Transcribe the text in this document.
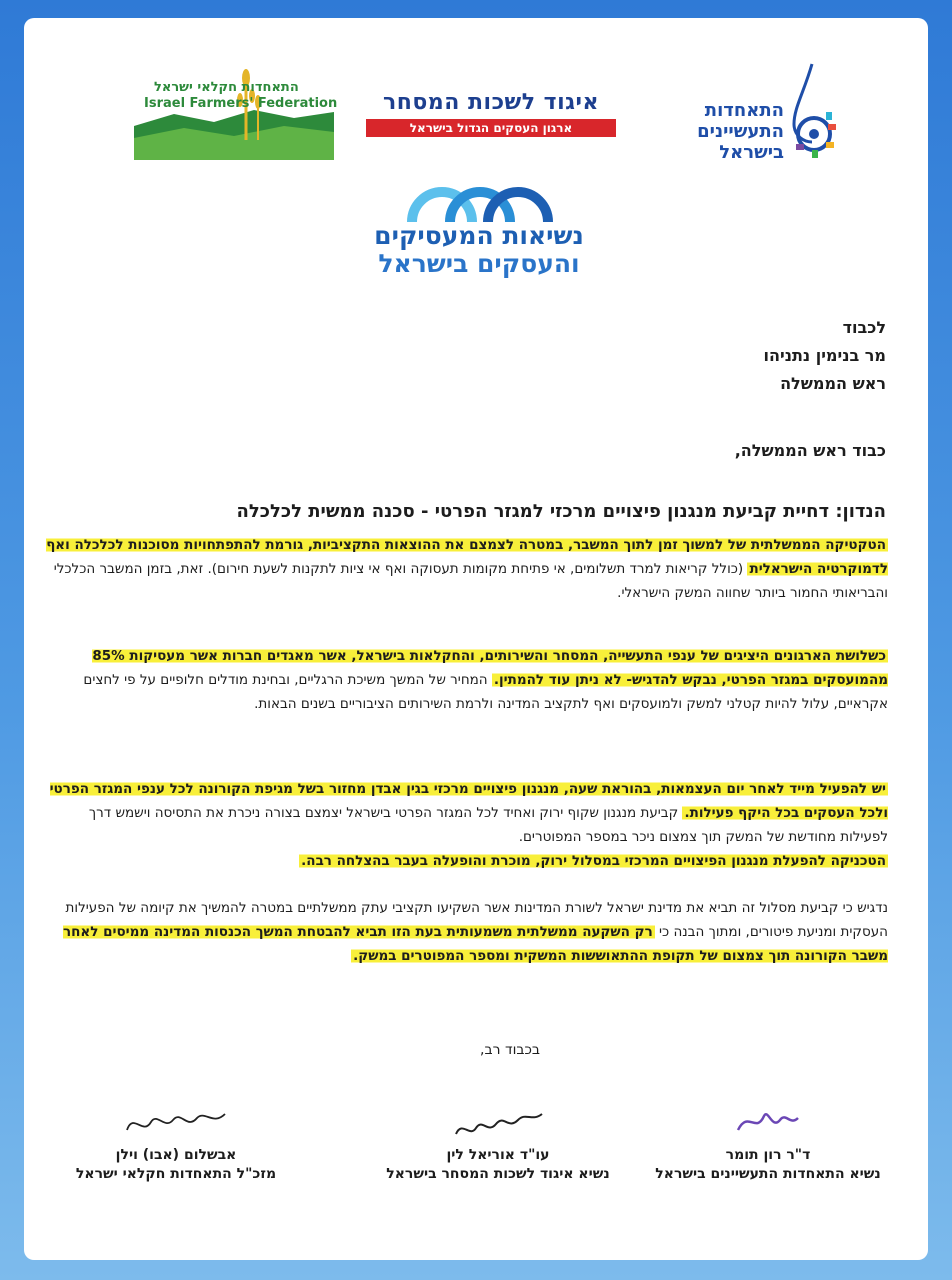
התאחדות חקלאי ישראל
Israel Farmers' Federation	איגוד לשכות המסחר
ארגון העסקים הגדול בישראל
התאחדות
התעשיינים
בישראל
נשיאות המעסיקים
והעסקים בישראל
לכבוד
מר בנימין נתניהו
ראש הממשלה
כבוד ראש הממשלה,
הנדון: דחיית קביעת מנגנון פיצויים מרכזי למגזר הפרטי - סכנה ממשית לכלכלה
הטקטיקה הממשלתית של למשוך זמן לתוך המשבר, במטרה לצמצם את ההוצאות התקציביות, גורמת להתפתחויות מסוכנות לכלכלה ואף לדמוקרטיה הישראלית (כולל קריאות למרד תשלומים, אי פתיחת מקומות תעסוקה ואף אי ציות לתקנות לשעת חירום). זאת, בזמן המשבר הכלכלי והבריאותי החמור ביותר שחווה המשק הישראלי.
כשלושת הארגונים היציגים של ענפי התעשייה, המסחר והשירותים, והחקלאות בישראל, אשר מאגדים חברות אשר מעסיקות 85% מהמועסקים במגזר הפרטי, נבקש להדגיש- לא ניתן עוד להמתין. המחיר של המשך משיכת הרגליים, ובחינת מודלים חלופיים על פי לחצים אקראיים, עלול להיות קטלני למשק ולמועסקים ואף לתקציב המדינה ולרמת השירותים הציבוריים בשנים הבאות.
יש להפעיל מייד לאחר יום העצמאות, בהוראת שעה, מנגנון פיצויים מרכזי בגין אבדן מחזור בשל מגיפת הקורונה לכל ענפי המגזר הפרטי ולכל העסקים בכל היקף פעילות. קביעת מנגנון שקוף ירוק ואחיד לכל המגזר הפרטי בישראל יצמצם בצורה ניכרת את התסיסה וישמש דרך לפעילות מחודשת של המשק תוך צמצום ניכר במספר המפוטרים.
הטכניקה להפעלת מנגנון הפיצויים המרכזי במסלול ירוק, מוכרת והופעלה בעבר בהצלחה רבה.
נדגיש כי קביעת מסלול זה תביא את מדינת ישראל לשורת המדינות אשר השקיעו תקציבי עתק ממשלתיים במטרה להמשיך את קיומה של הפעילות העסקית ומניעת פיטורים, ומתוך הבנה כי רק השקעה ממשלתית משמעותית בעת הזו תביא להבטחת המשך הכנסות המדינה ממיסים לאחר משבר הקורונה תוך צמצום של תקופת ההתאוששות המשקית ומספר המפוטרים במשק.
בכבוד רב,
ד"ר רון תומר
נשיא התאחדות התעשיינים בישראל
עו"ד אוריאל לין
נשיא איגוד לשכות המסחר בישראל
אבשלום (אבו) וילן
מזכ"ל התאחדות חקלאי ישראל
